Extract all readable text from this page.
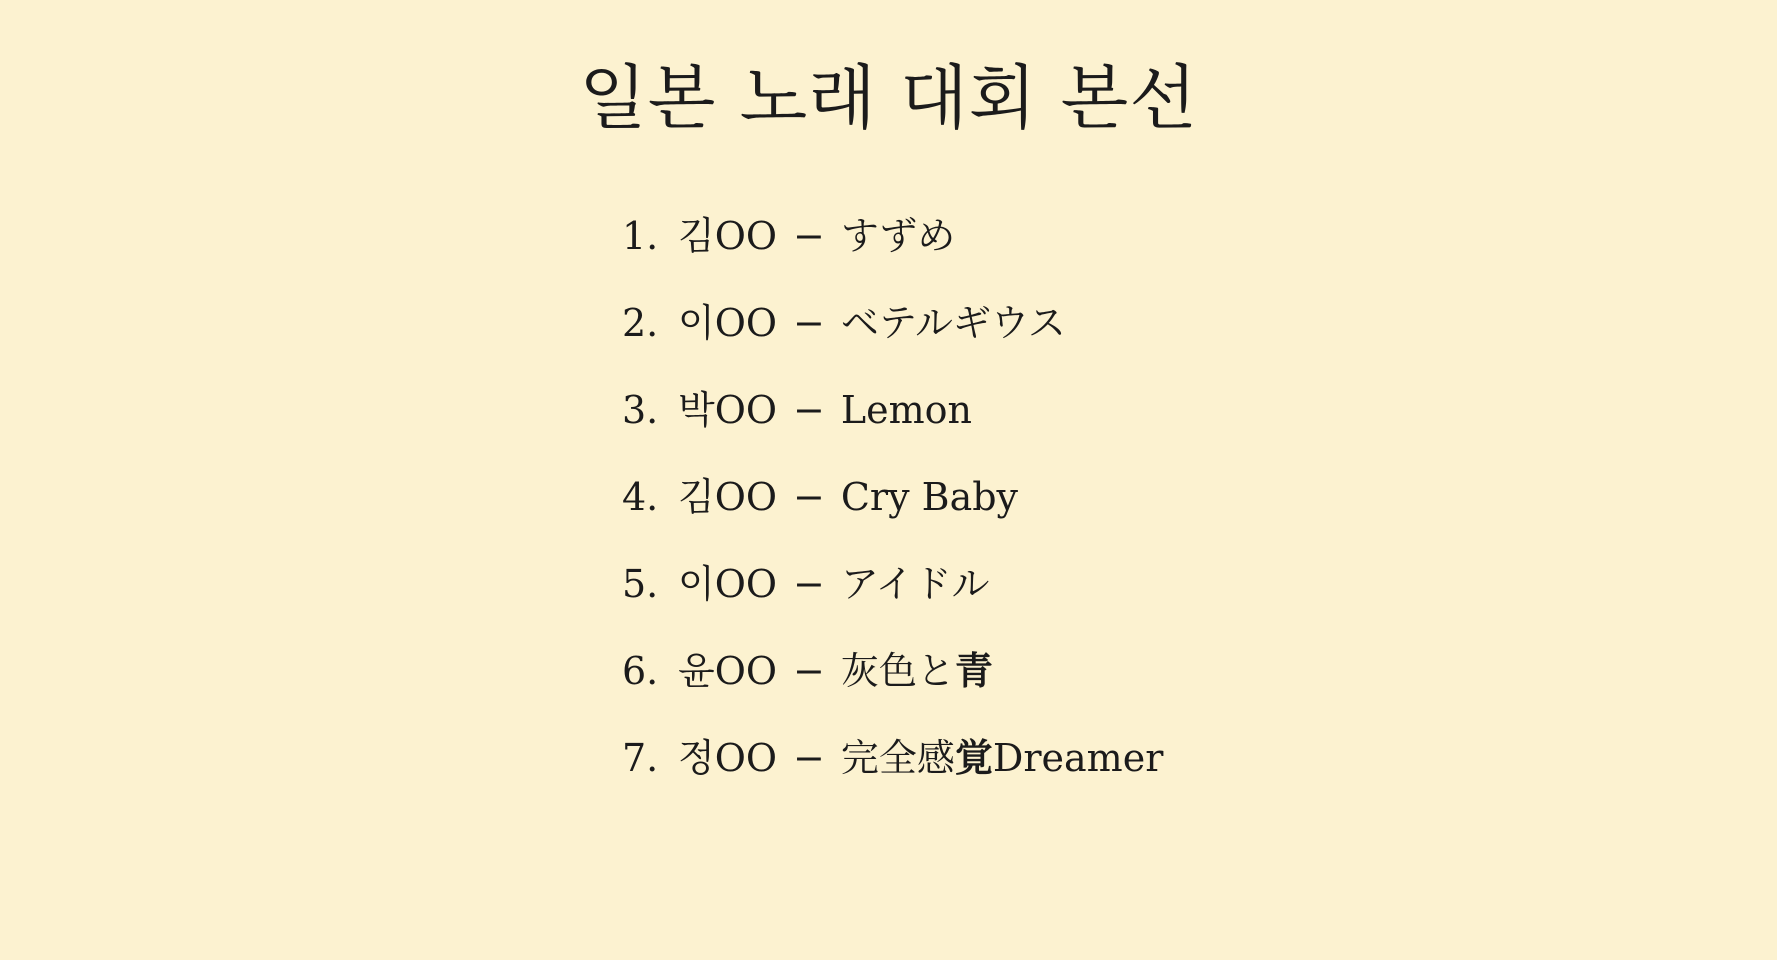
일본 노래 대회 본선
1. 김OO − すずめ
2. 이OO − ベテルギウス
3. 박OO − Lemon
4. 김OO − Cry Baby
5. 이OO − アイドル
6. 윤OO − 灰色と青
7. 정OO − 完全感覚Dreamer
